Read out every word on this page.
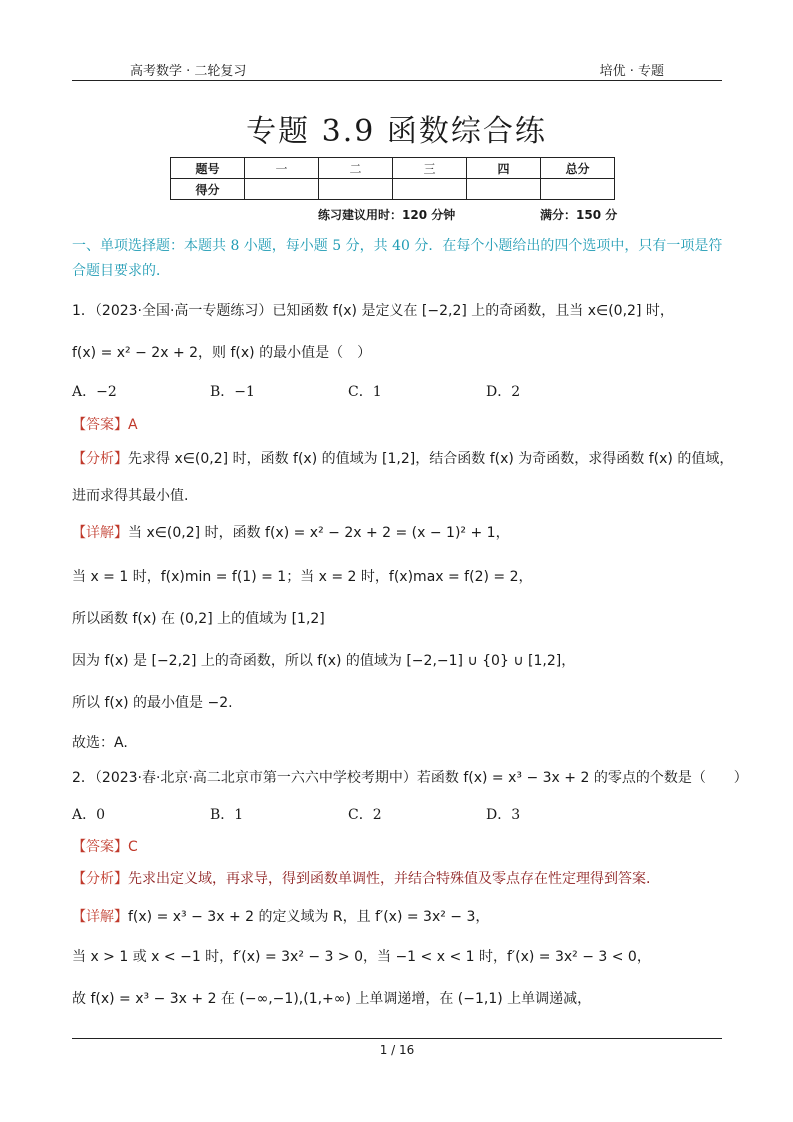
高考数学 · 二轮复习	培优 · 专题
专题 3.9 函数综合练
题号	一	二	三	四	总分
得分					
练习建议用时：120 分钟	满分：150 分
一、单项选择题：本题共 8 小题，每小题 5 分，共 40 分．在每个小题给出的四个选项中，只有一项是符合题目要求的．
1．（2023·全国·高一专题练习）已知函数 f(x) 是定义在 [−2,2] 上的奇函数，且当 x∈(0,2] 时，
f(x) = x² − 2x + 2，则 f(x) 的最小值是（　）
A．−2	B．−1	C．1	D．2
【答案】A
【分析】先求得 x∈(0,2] 时，函数 f(x) 的值域为 [1,2]，结合函数 f(x) 为奇函数，求得函数 f(x) 的值域，
进而求得其最小值.
【详解】当 x∈(0,2] 时，函数 f(x) = x² − 2x + 2 = (x − 1)² + 1，
当 x = 1 时，f(x)min = f(1) = 1；当 x = 2 时，f(x)max = f(2) = 2，
所以函数 f(x) 在 (0,2] 上的值域为 [1,2]
因为 f(x) 是 [−2,2] 上的奇函数，所以 f(x) 的值域为 [−2,−1] ∪ {0} ∪ [1,2]，
所以 f(x) 的最小值是 −2.
故选：A.
2．（2023·春·北京·高二北京市第一六六中学校考期中）若函数 f(x) = x³ − 3x + 2 的零点的个数是（　　）
A．0	B．1	C．2	D．3
【答案】C
【分析】先求出定义域，再求导，得到函数单调性，并结合特殊值及零点存在性定理得到答案.
【详解】f(x) = x³ − 3x + 2 的定义域为 R，且 f′(x) = 3x² − 3，
当 x > 1 或 x < −1 时，f′(x) = 3x² − 3 > 0，当 −1 < x < 1 时，f′(x) = 3x² − 3 < 0，
故 f(x) = x³ − 3x + 2 在 (−∞,−1),(1,+∞) 上单调递增，在 (−1,1) 上单调递减，
1 / 16
